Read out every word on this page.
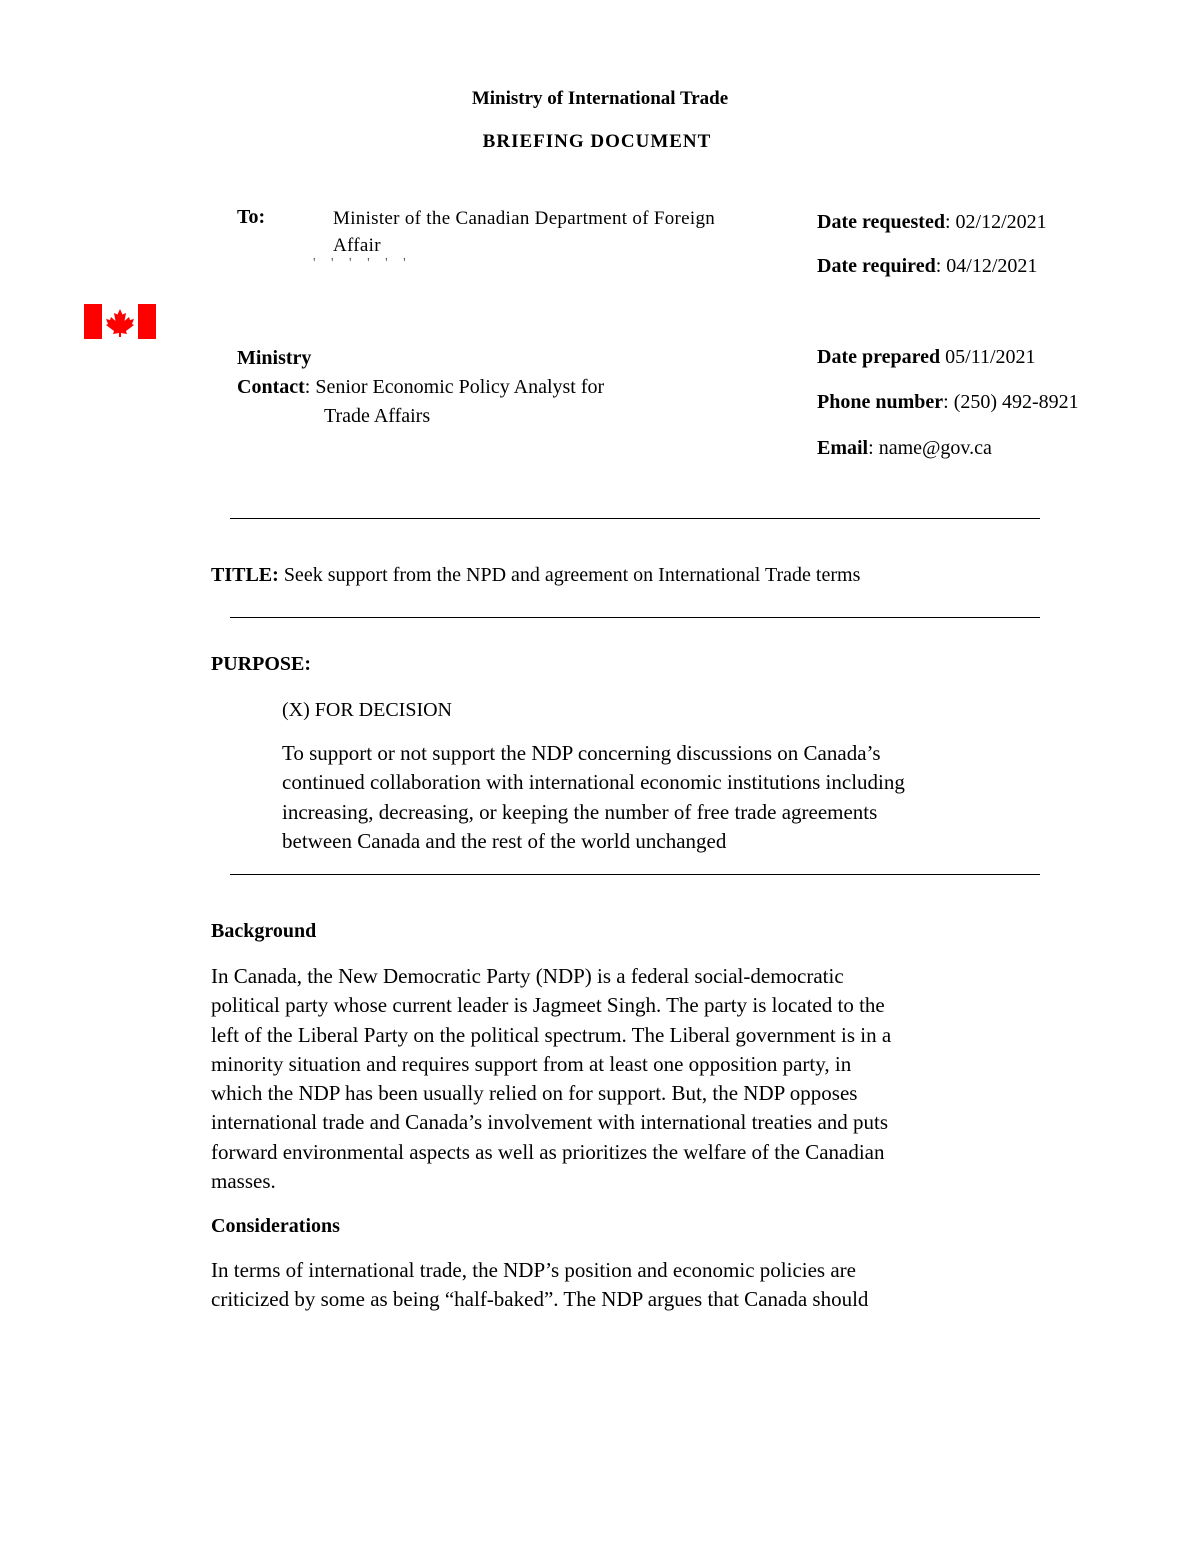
Ministry of International Trade
BRIEFING DOCUMENT
To:	Minister of the Canadian Department of Foreign
Affair
' ' ' ' ' '
Date requested: 02/12/2021
Date required: 04/12/2021
Ministry
Contact: Senior Economic Policy Analyst for
Trade Affairs
Date prepared 05/11/2021
Phone number: (250) 492-8921
Email: name@gov.ca
TITLE: Seek support from the NPD and agreement on International Trade terms
PURPOSE:
(X) FOR DECISION
To support or not support the NDP concerning discussions on Canada’s
continued collaboration with international economic institutions including
increasing, decreasing, or keeping the number of free trade agreements
between Canada and the rest of the world unchanged
Background
In Canada, the New Democratic Party (NDP) is a federal social-democratic
political party whose current leader is Jagmeet Singh. The party is located to the
left of the Liberal Party on the political spectrum. The Liberal government is in a
minority situation and requires support from at least one opposition party, in
which the NDP has been usually relied on for support. But, the NDP opposes
international trade and Canada’s involvement with international treaties and puts
forward environmental aspects as well as prioritizes the welfare of the Canadian
masses.
Considerations
In terms of international trade, the NDP’s position and economic policies are
criticized by some as being “half-baked”. The NDP argues that Canada should
